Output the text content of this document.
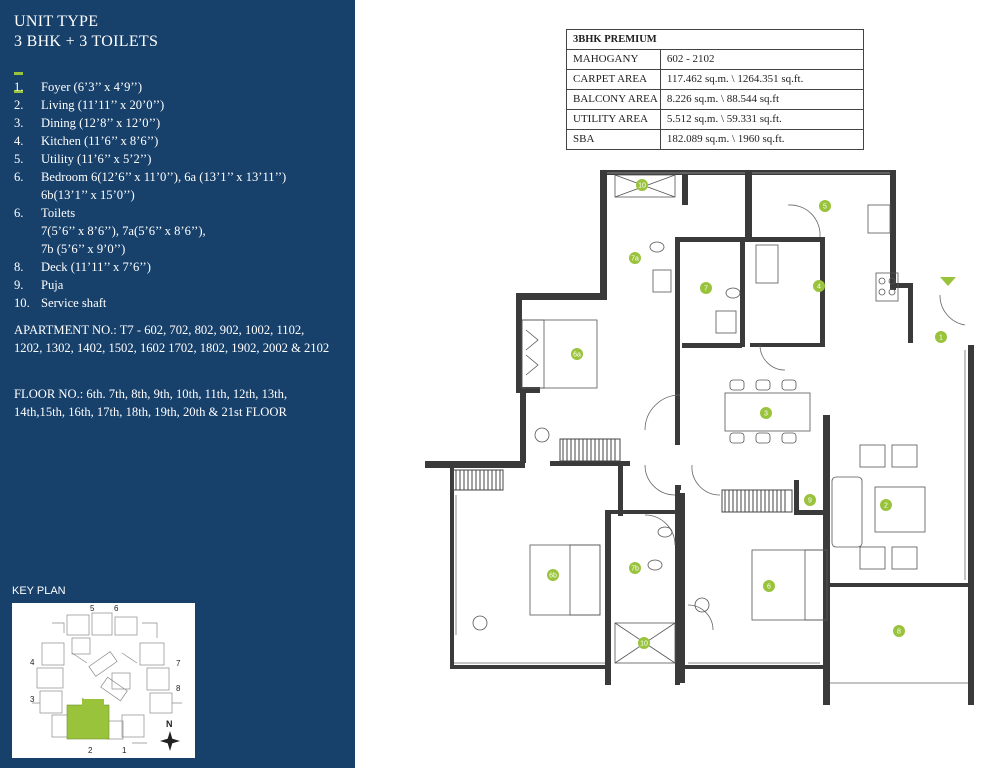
UNIT TYPE
3 BHK + 3 TOILETS
1. Foyer (6’3’’ x 4’9’’)
2. Living (11’11’’ x 20’0’’)
3. Dining (12’8’’ x 12’0’’)
4. Kitchen (11’6’’ x 8’6’’)
5. Utility (11’6’’ x 5’2’’)
6. Bedroom 6(12’6’’ x 11’0’’), 6a (13’1’’ x 13’11’’)
6b(13’1’’ x 15’0’’)
6. Toilets
7(5’6’’ x 8’6’’), 7a(5’6’’ x 8’6’’),
7b (5’6’’ x 9’0’’)
8. Deck (11’11’’ x 7’6’’)
9. Puja
10. Service shaft
APARTMENT NO.: T7 - 602, 702, 802, 902, 1002, 1102, 1202, 1302, 1402, 1502, 1602 1702, 1802, 1902, 2002 & 2102
FLOOR NO.: 6th. 7th, 8th, 9th, 10th, 11th, 12th, 13th, 14th,15th, 16th, 17th, 18th, 19th, 20th & 21st FLOOR
KEY PLAN
5 6
4	7
3
8
2	1
N
3BHK PREMIUM	
MAHOGANY	602 - 2102
CARPET AREA	117.462 sq.m. \ 1264.351 sq.ft.
BALCONY AREA	8.226 sq.m. \ 88.544 sq.ft
UTILITY AREA	5.512 sq.m. \ 59.331 sq.ft.
SBA	182.089 sq.m. \ 1960 sq.ft.
10
5
7a
7	4
1
6a
3
9
2
6b
7b
6
10
8
